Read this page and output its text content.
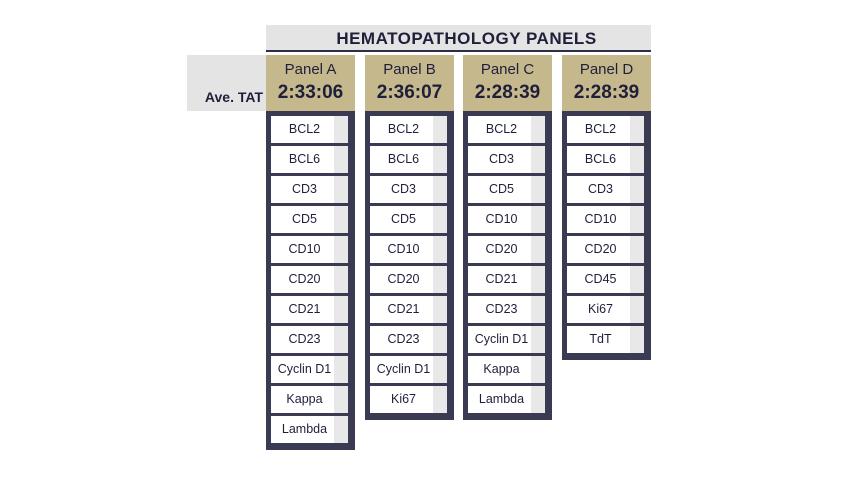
HEMATOPATHOLOGY PANELS
Ave. TAT
Panel A
2:33:06
BCL2
BCL6
CD3
CD5
CD10
CD20
CD21
CD23
Cyclin D1
Kappa
Lambda
Panel B
2:36:07
BCL2
BCL6
CD3
CD5
CD10
CD20
CD21
CD23
Cyclin D1
Ki67
Panel C
2:28:39
BCL2
CD3
CD5
CD10
CD20
CD21
CD23
Cyclin D1
Kappa
Lambda
Panel D
2:28:39
BCL2
BCL6
CD3
CD10
CD20
CD45
Ki67
TdT
